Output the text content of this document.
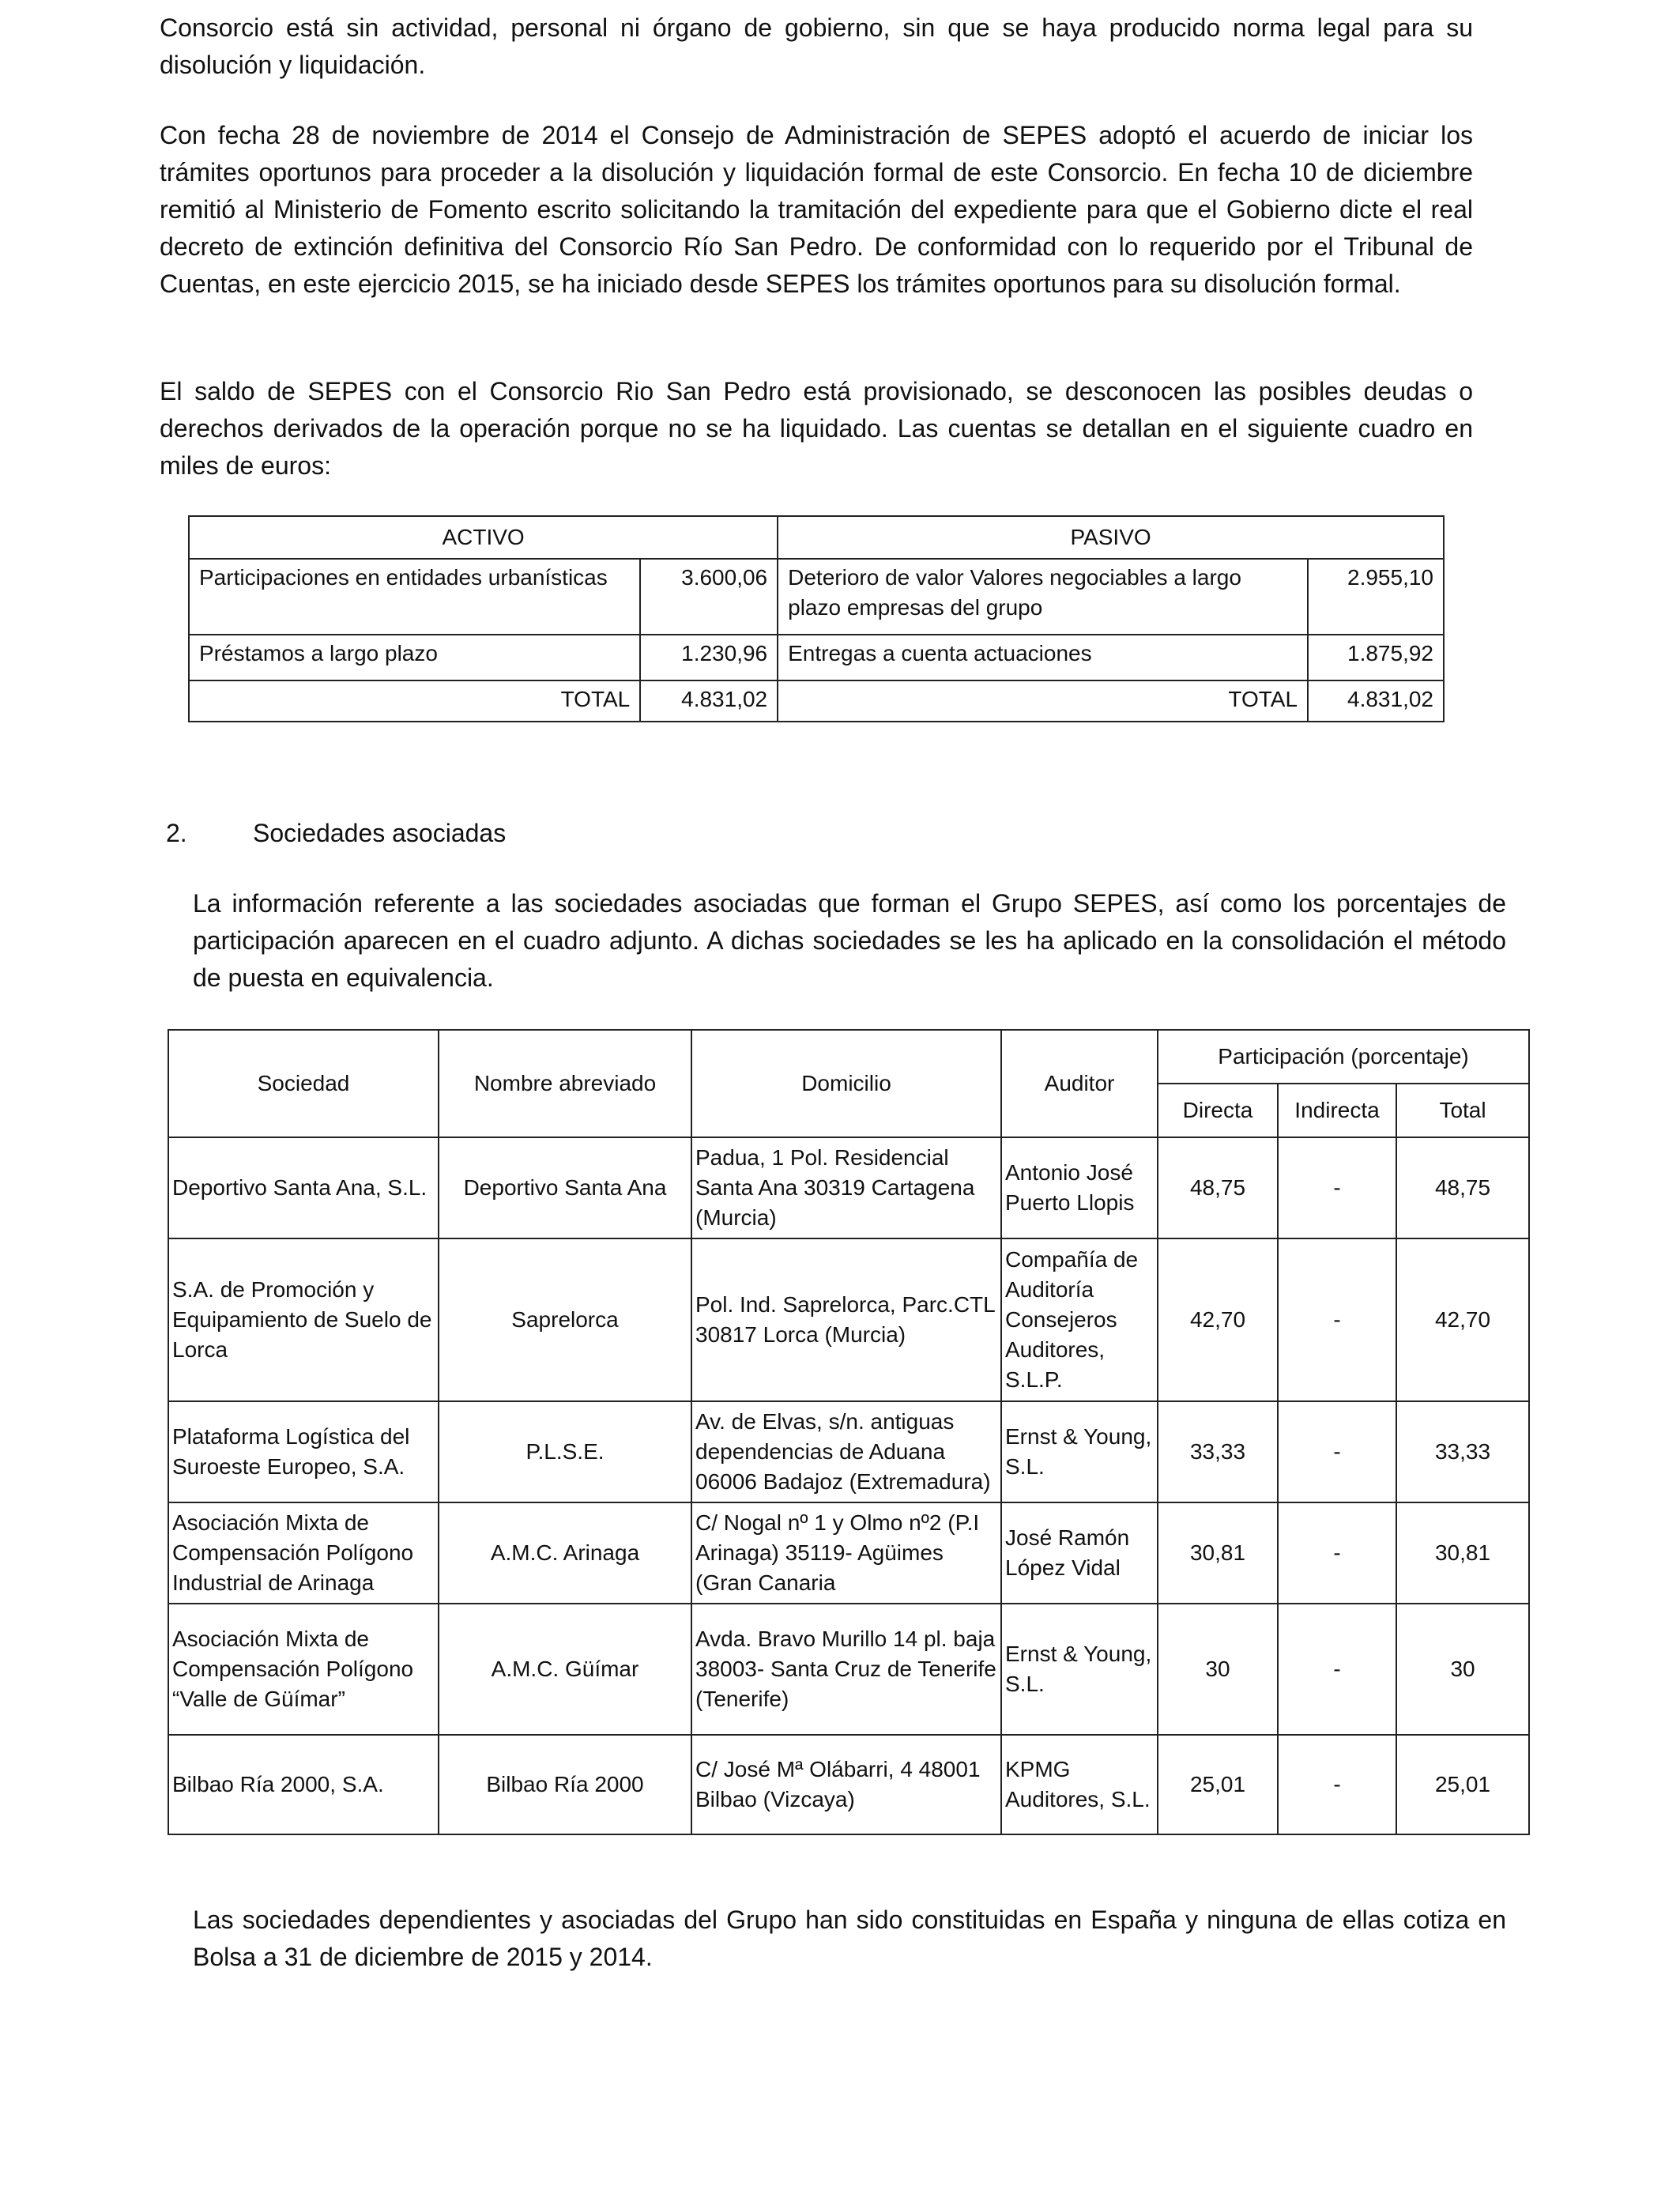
Consorcio está sin actividad, personal ni órgano de gobierno, sin que se haya producido norma legal para su disolución y liquidación.

Con fecha 28 de noviembre de 2014 el Consejo de Administración de SEPES adoptó el acuerdo de iniciar los trámites oportunos para proceder a la disolución y liquidación formal de este Consorcio. En fecha 10 de diciembre remitió al Ministerio de Fomento escrito solicitando la tramitación del expediente para que el Gobierno dicte el real decreto de extinción definitiva del Consorcio Río San Pedro. De conformidad con lo requerido por el Tribunal de Cuentas, en este ejercicio 2015, se ha iniciado desde SEPES los trámites oportunos para su disolución formal.

El saldo de SEPES con el Consorcio Rio San Pedro está provisionado, se desconocen las posibles deudas o derechos derivados de la operación porque no se ha liquidado. Las cuentas se detallan en el siguiente cuadro en miles de euros:

ACTIVO		PASIVO	
Participaciones en entidades urbanísticas	3.600,06	Deterioro de valor Valores negociables a largo plazo empresas del grupo	2.955,10
Préstamos a largo plazo	1.230,96	Entregas a cuenta actuaciones	1.875,92
TOTAL	4.831,02	TOTAL	4.831,02
2.	Sociedades asociadas

La información referente a las sociedades asociadas que forman el Grupo SEPES, así como los porcentajes de participación aparecen en el cuadro adjunto. A dichas sociedades se les ha aplicado en la consolidación el método de puesta en equivalencia.

Sociedad	Nombre abreviado	Domicilio	Auditor	Participación (porcentaje)		
				Directa	Indirecta	Total
Deportivo Santa Ana, S.L.	Deportivo Santa Ana	Padua, 1 Pol. Residencial Santa Ana 30319 Cartagena (Murcia)	Antonio José Puerto Llopis	48,75	-	48,75
S.A. de Promoción y Equipamiento de Suelo de Lorca	Saprelorca	Pol. Ind. Saprelorca, Parc.CTL 30817 Lorca (Murcia)	Compañía de Auditoría Consejeros Auditores, S.L.P.	42,70	-	42,70
Plataforma Logística del Suroeste Europeo, S.A.	P.L.S.E.	Av. de Elvas, s/n. antiguas dependencias de Aduana 06006 Badajoz (Extremadura)	Ernst & Young, S.L.	33,33	-	33,33
Asociación Mixta de Compensación Polígono Industrial de Arinaga	A.M.C. Arinaga	C/ Nogal nº 1 y Olmo nº2 (P.I Arinaga) 35119- Agüimes (Gran Canaria	José Ramón López Vidal	30,81	-	30,81
Asociación Mixta de Compensación Polígono “Valle de Güímar”	A.M.C. Güímar	Avda. Bravo Murillo 14 pl. baja 38003- Santa Cruz de Tenerife (Tenerife)	Ernst & Young, S.L.	30	-	30
Bilbao Ría 2000, S.A.	Bilbao Ría 2000	C/ José Mª Olábarri, 4 48001 Bilbao (Vizcaya)	KPMG Auditores, S.L.	25,01	-	25,01

Las sociedades dependientes y asociadas del Grupo han sido constituidas en España y ninguna de ellas cotiza en Bolsa a 31 de diciembre de 2015 y 2014.
